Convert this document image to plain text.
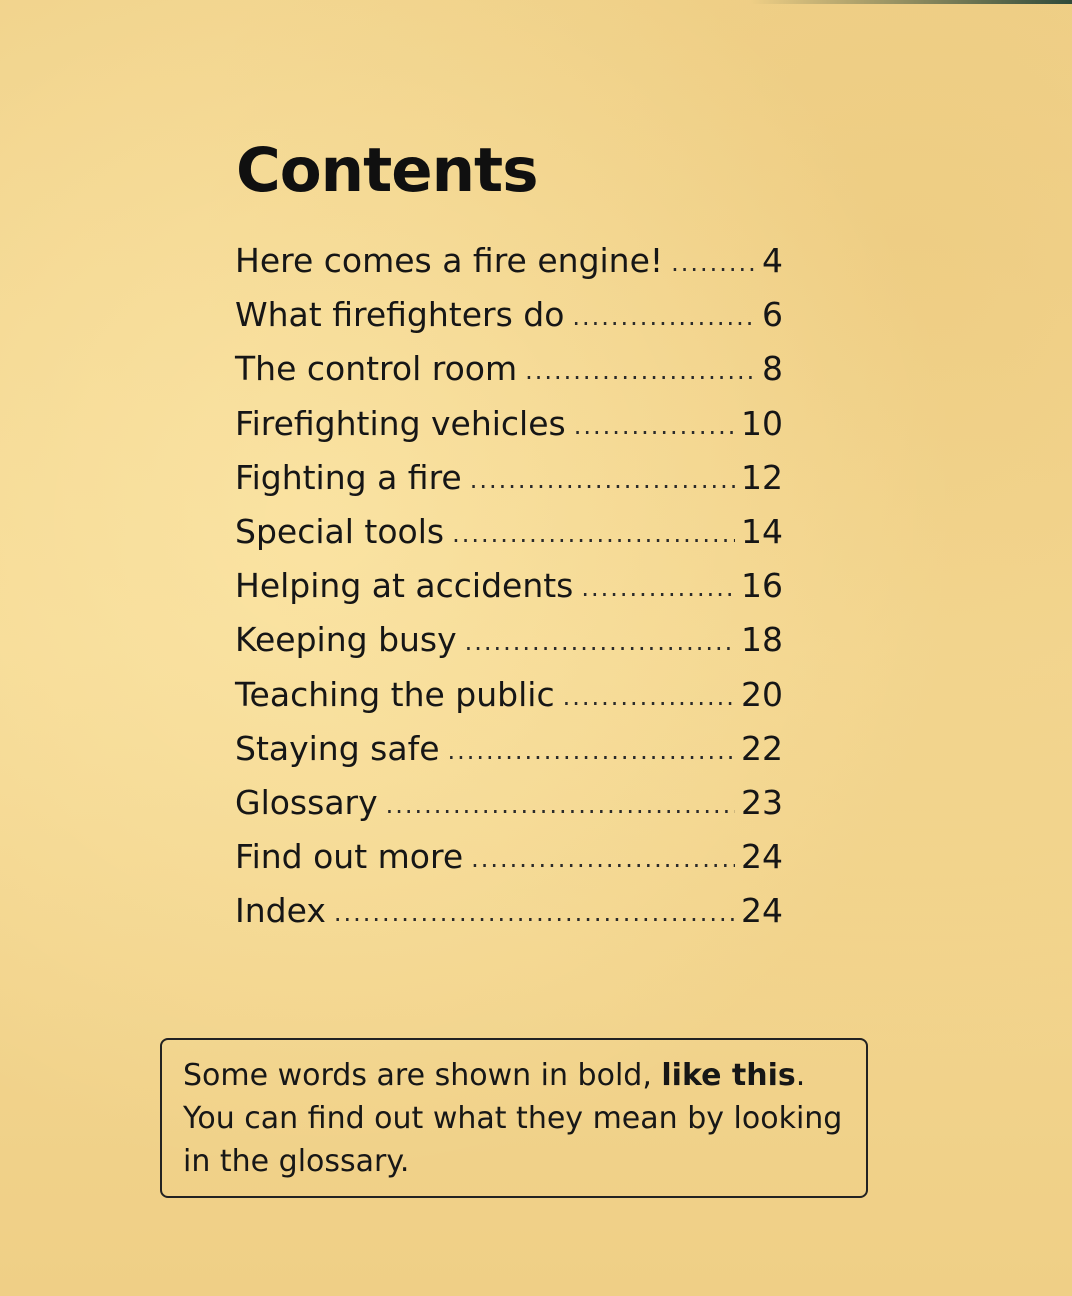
Contents
Here comes a fire engine! .....	4
What firefighters do .....	6
The control room .....	8
Firefighting vehicles .....	10
Fighting a fire .....	12
Special tools .....	14
Helping at accidents .....	16
Keeping busy .....	18
Teaching the public .....	20
Staying safe .....	22
Glossary .....	23
Find out more .....	24
Index .....	24

Some words are shown in bold, like this. You can find out what they mean by looking in the glossary.
